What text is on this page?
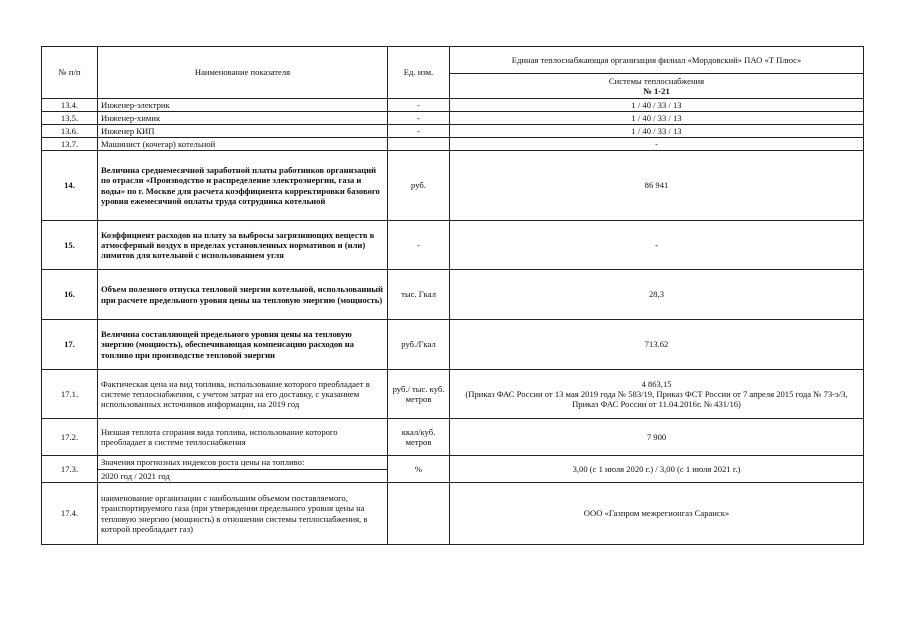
№ п/п	Наименование показателя	Ед. изм.	Единая теплоснабжающая организация филиал «Мордовский» ПАО «Т Плюс»

			Системы теплоснабжения
№ 1-21

13.4.	Инженер-электрик	-	1 / 40 / 33 / 13
13.5.	Инженер-химик	-	1 / 40 / 33 / 13
13.6.	Инженер КИП	-	1 / 40 / 33 / 13
13.7.	Машинист (кочегар) котельной		-
14.	Величина среднемесячной заработной платы работников организаций по отрасли «Производство и распределение электроэнергии, газа и воды» по г. Москве для расчета коэффициента корректировки базового уровня ежемесячной оплаты труда сотрудника котельной	руб.	86 941
15.	Коэффициент расходов на плату за выбросы загрязняющих веществ в атмосферный воздух в пределах установленных нормативов и (или) лимитов для котельной с использованием угля	-	-
16.	Объем полезного отпуска тепловой энергии котельной, использованный при расчете предельного уровня цены на тепловую энергию (мощность)	тыс. Гкал	28,3
17.	Величина составляющей предельного уровня цены на тепловую энергию (мощность), обеспечивающая компенсацию расходов на топливо при производстве тепловой энергии	руб./Гкал	713.62
17.1.	Фактическая цена на вид топлива, использование которого преобладает в системе теплоснабжения, с учетом затрат на его доставку, с указанием использованных источников информации, на 2019 год	руб./ тыс. куб. метров	4 863,15
(Приказ ФАС России от 13 мая 2019 года № 583/19, Приказ ФСТ России от 7 апреля 2015 года № 73-э/3, Приказ ФАС России от 11.04.2016г. № 431/16)

17.2.	Низшая теплота сгорания вида топлива, использование которого преобладает в системе теплоснабжения	ккал/куб. метров	7 900
17.3.	Значения прогнозных индексов роста цены на топливо:	%	3,00 (с 1 июля 2020 г.) / 3,00 (с 1 июля 2021 г.)
	2020 год / 2021 год		
17.4.	наименование организации с наибольшим объемом поставляемого, транспортируемого газа (при утверждении предельного уровня цены на тепловую энергию (мощность) в отношении системы теплоснабжения, в которой преобладает газ)		ООО «Газпром межрегионгаз Саранск»
